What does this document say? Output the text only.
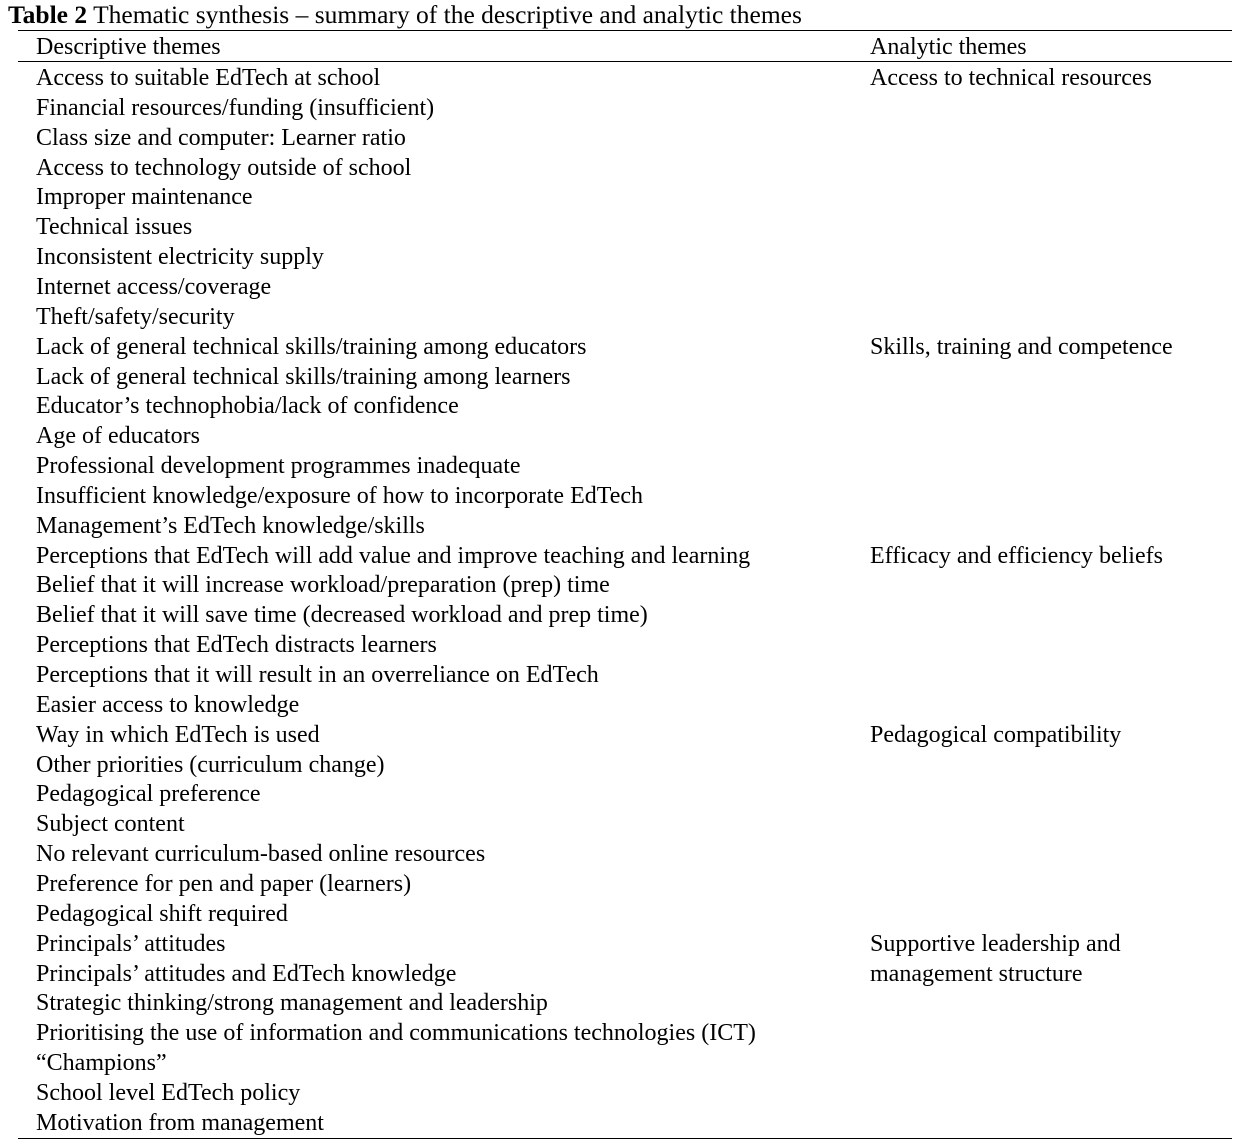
Table 2 Thematic synthesis – summary of the descriptive and analytic themes
Descriptive themes	Analytic themes
Access to technical resources
Access to suitable EdTech at school
Financial resources/funding (insufficient)
Class size and computer: Learner ratio
Access to technology outside of school
Improper maintenance
Technical issues
Inconsistent electricity supply
Internet access/coverage
Theft/safety/security
Skills, training and competence
Lack of general technical skills/training among educators
Lack of general technical skills/training among learners
Educator’s technophobia/lack of confidence
Age of educators
Professional development programmes inadequate
Insufficient knowledge/exposure of how to incorporate EdTech
Management’s EdTech knowledge/skills
Efficacy and efficiency beliefs
Perceptions that EdTech will add value and improve teaching and learning
Belief that it will increase workload/preparation (prep) time
Belief that it will save time (decreased workload and prep time)
Perceptions that EdTech distracts learners
Perceptions that it will result in an overreliance on EdTech
Easier access to knowledge
Pedagogical compatibility
Way in which EdTech is used
Other priorities (curriculum change)
Pedagogical preference
Subject content
No relevant curriculum-based online resources
Preference for pen and paper (learners)
Pedagogical shift required
Supportive leadership and
management structure
Principals’ attitudes
Principals’ attitudes and EdTech knowledge
Strategic thinking/strong management and leadership
Prioritising the use of information and communications technologies (ICT)
“Champions”
School level EdTech policy
Motivation from management
